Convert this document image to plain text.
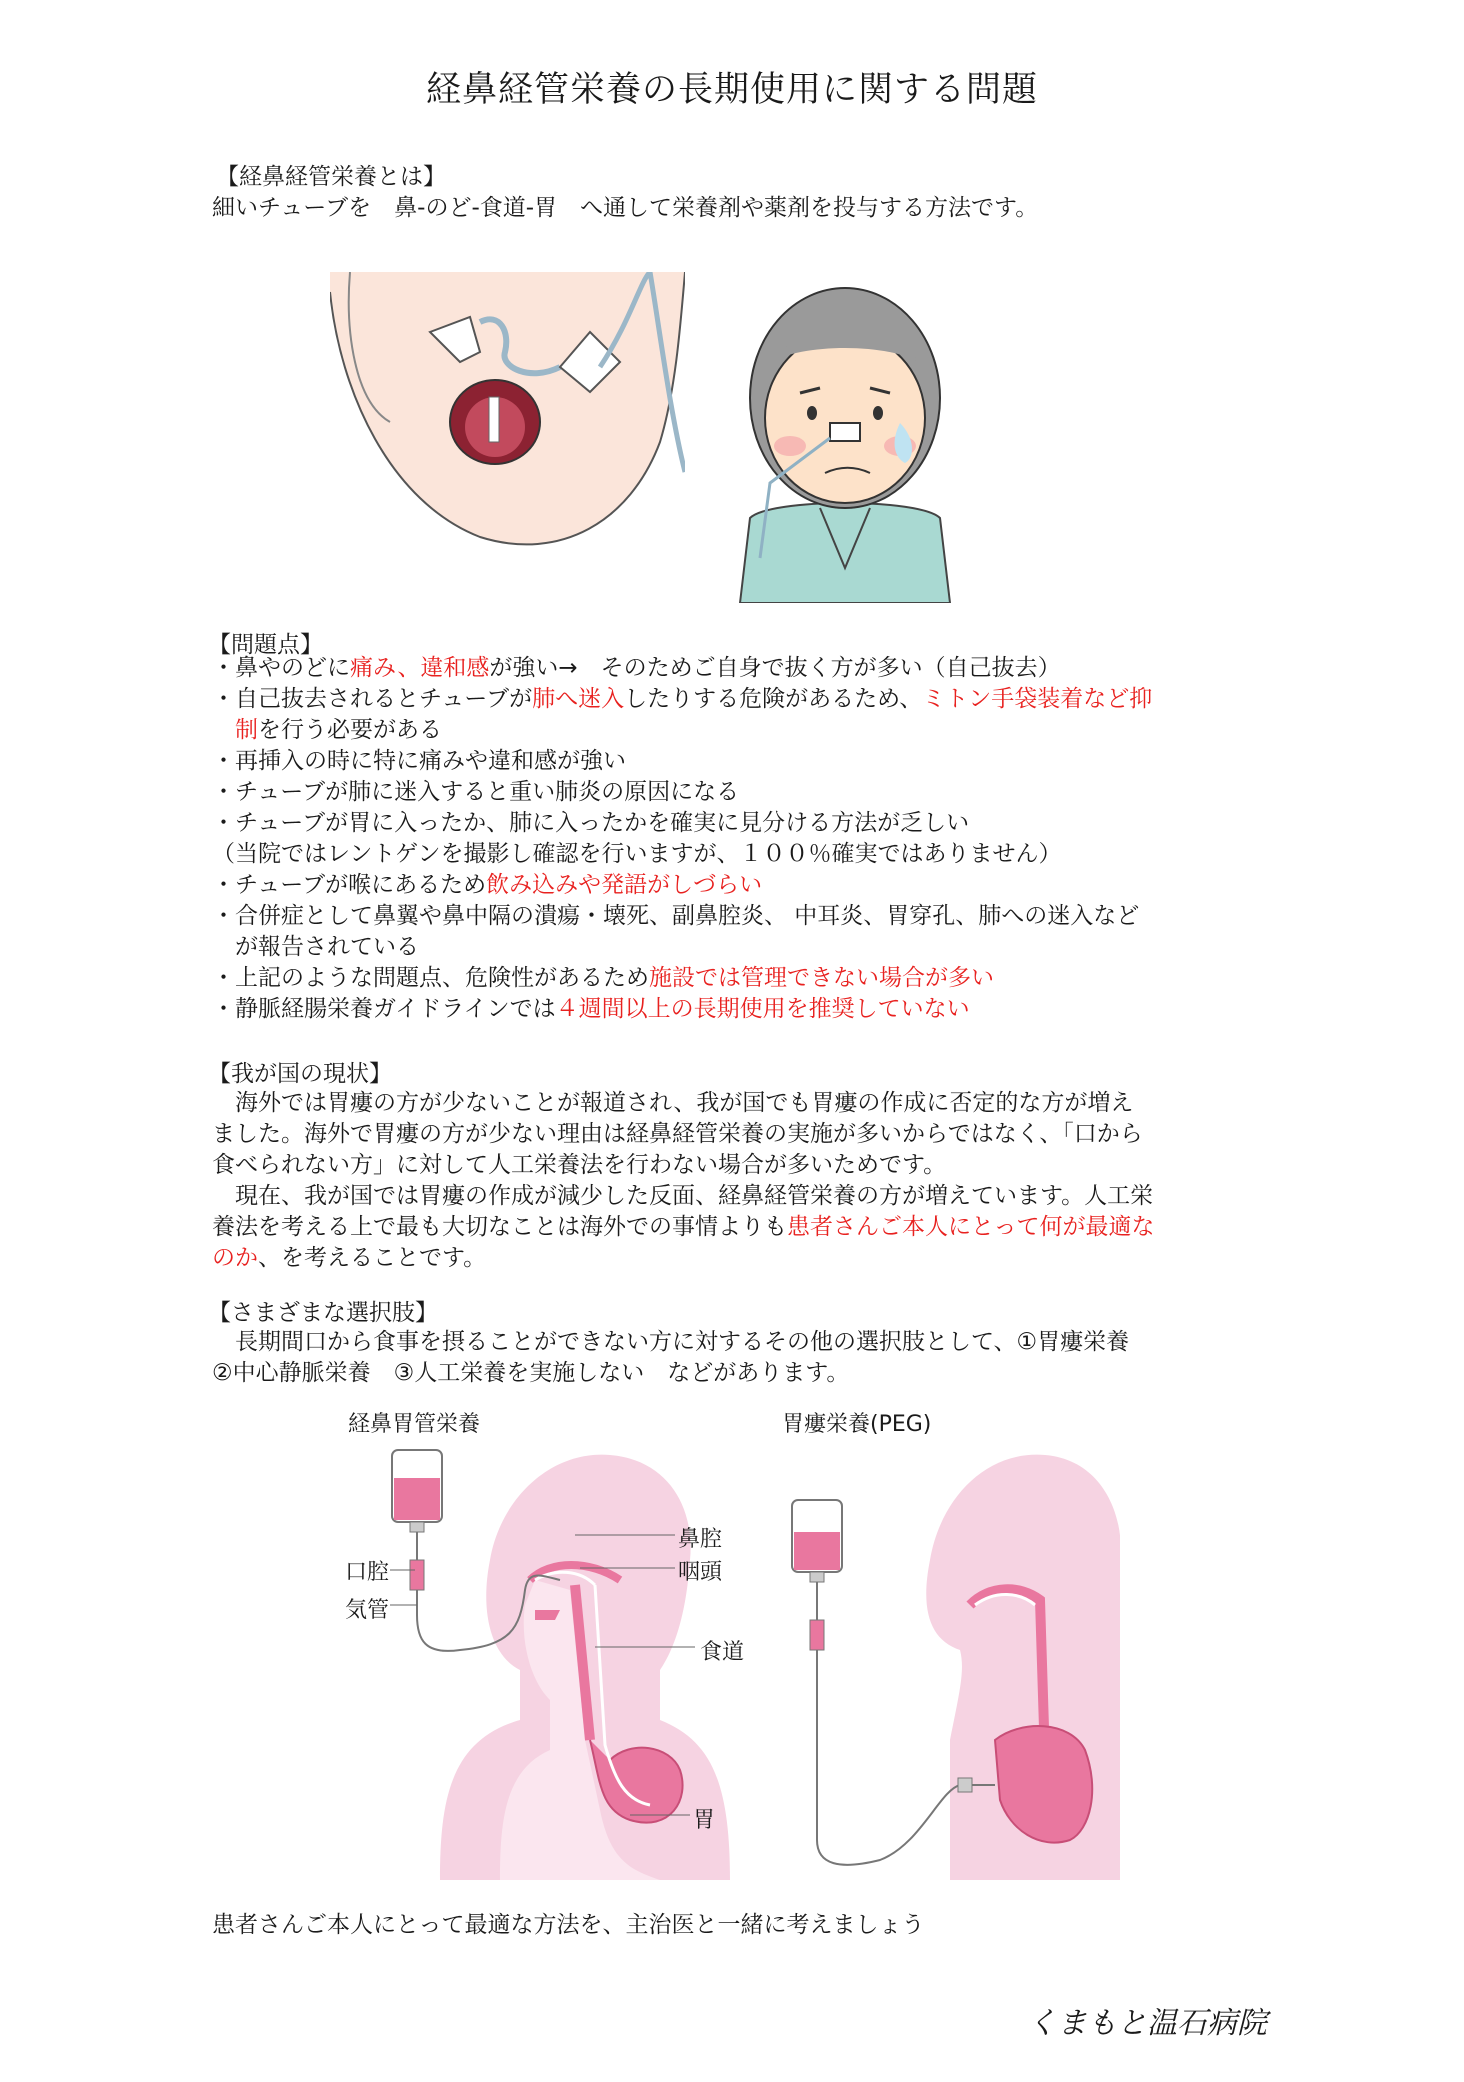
経鼻経管栄養の長期使用に関する問題
【経鼻経管栄養とは】
細いチューブを　鼻-のど-食道-胃　へ通して栄養剤や薬剤を投与する方法です。
【問題点】
・鼻やのどに痛み、違和感が強い→　そのためご自身で抜く方が多い（自己抜去）
・自己抜去されるとチューブが肺へ迷入したりする危険があるため、ミトン手袋装着など抑
　制を行う必要がある
・再挿入の時に特に痛みや違和感が強い
・チューブが肺に迷入すると重い肺炎の原因になる
・チューブが胃に入ったか、肺に入ったかを確実に見分ける方法が乏しい
（当院ではレントゲンを撮影し確認を行いますが、１００％確実ではありません）
・チューブが喉にあるため飲み込みや発語がしづらい
・合併症として鼻翼や鼻中隔の潰瘍・壊死、副鼻腔炎、 中耳炎、胃穿孔、肺への迷入など
　が報告されている
・上記のような問題点、危険性があるため施設では管理できない場合が多い
・静脈経腸栄養ガイドラインでは４週間以上の長期使用を推奨していない
【我が国の現状】
　海外では胃瘻の方が少ないことが報道され、我が国でも胃瘻の作成に否定的な方が増え
ました。海外で胃瘻の方が少ない理由は経鼻経管栄養の実施が多いからではなく、「口から
食べられない方」に対して人工栄養法を行わない場合が多いためです。
　現在、我が国では胃瘻の作成が減少した反面、経鼻経管栄養の方が増えています。人工栄
養法を考える上で最も大切なことは海外での事情よりも患者さんご本人にとって何が最適な
のか、を考えることです。
【さまざまな選択肢】
　長期間口から食事を摂ることができない方に対するその他の選択肢として、①胃瘻栄養
②中心静脈栄養　③人工栄養を実施しない　などがあります。
経鼻胃管栄養	胃瘻栄養(PEG)
口腔
気管
鼻腔
咽頭
食道
胃
患者さんご本人にとって最適な方法を、主治医と一緒に考えましょう
くまもと温石病院
